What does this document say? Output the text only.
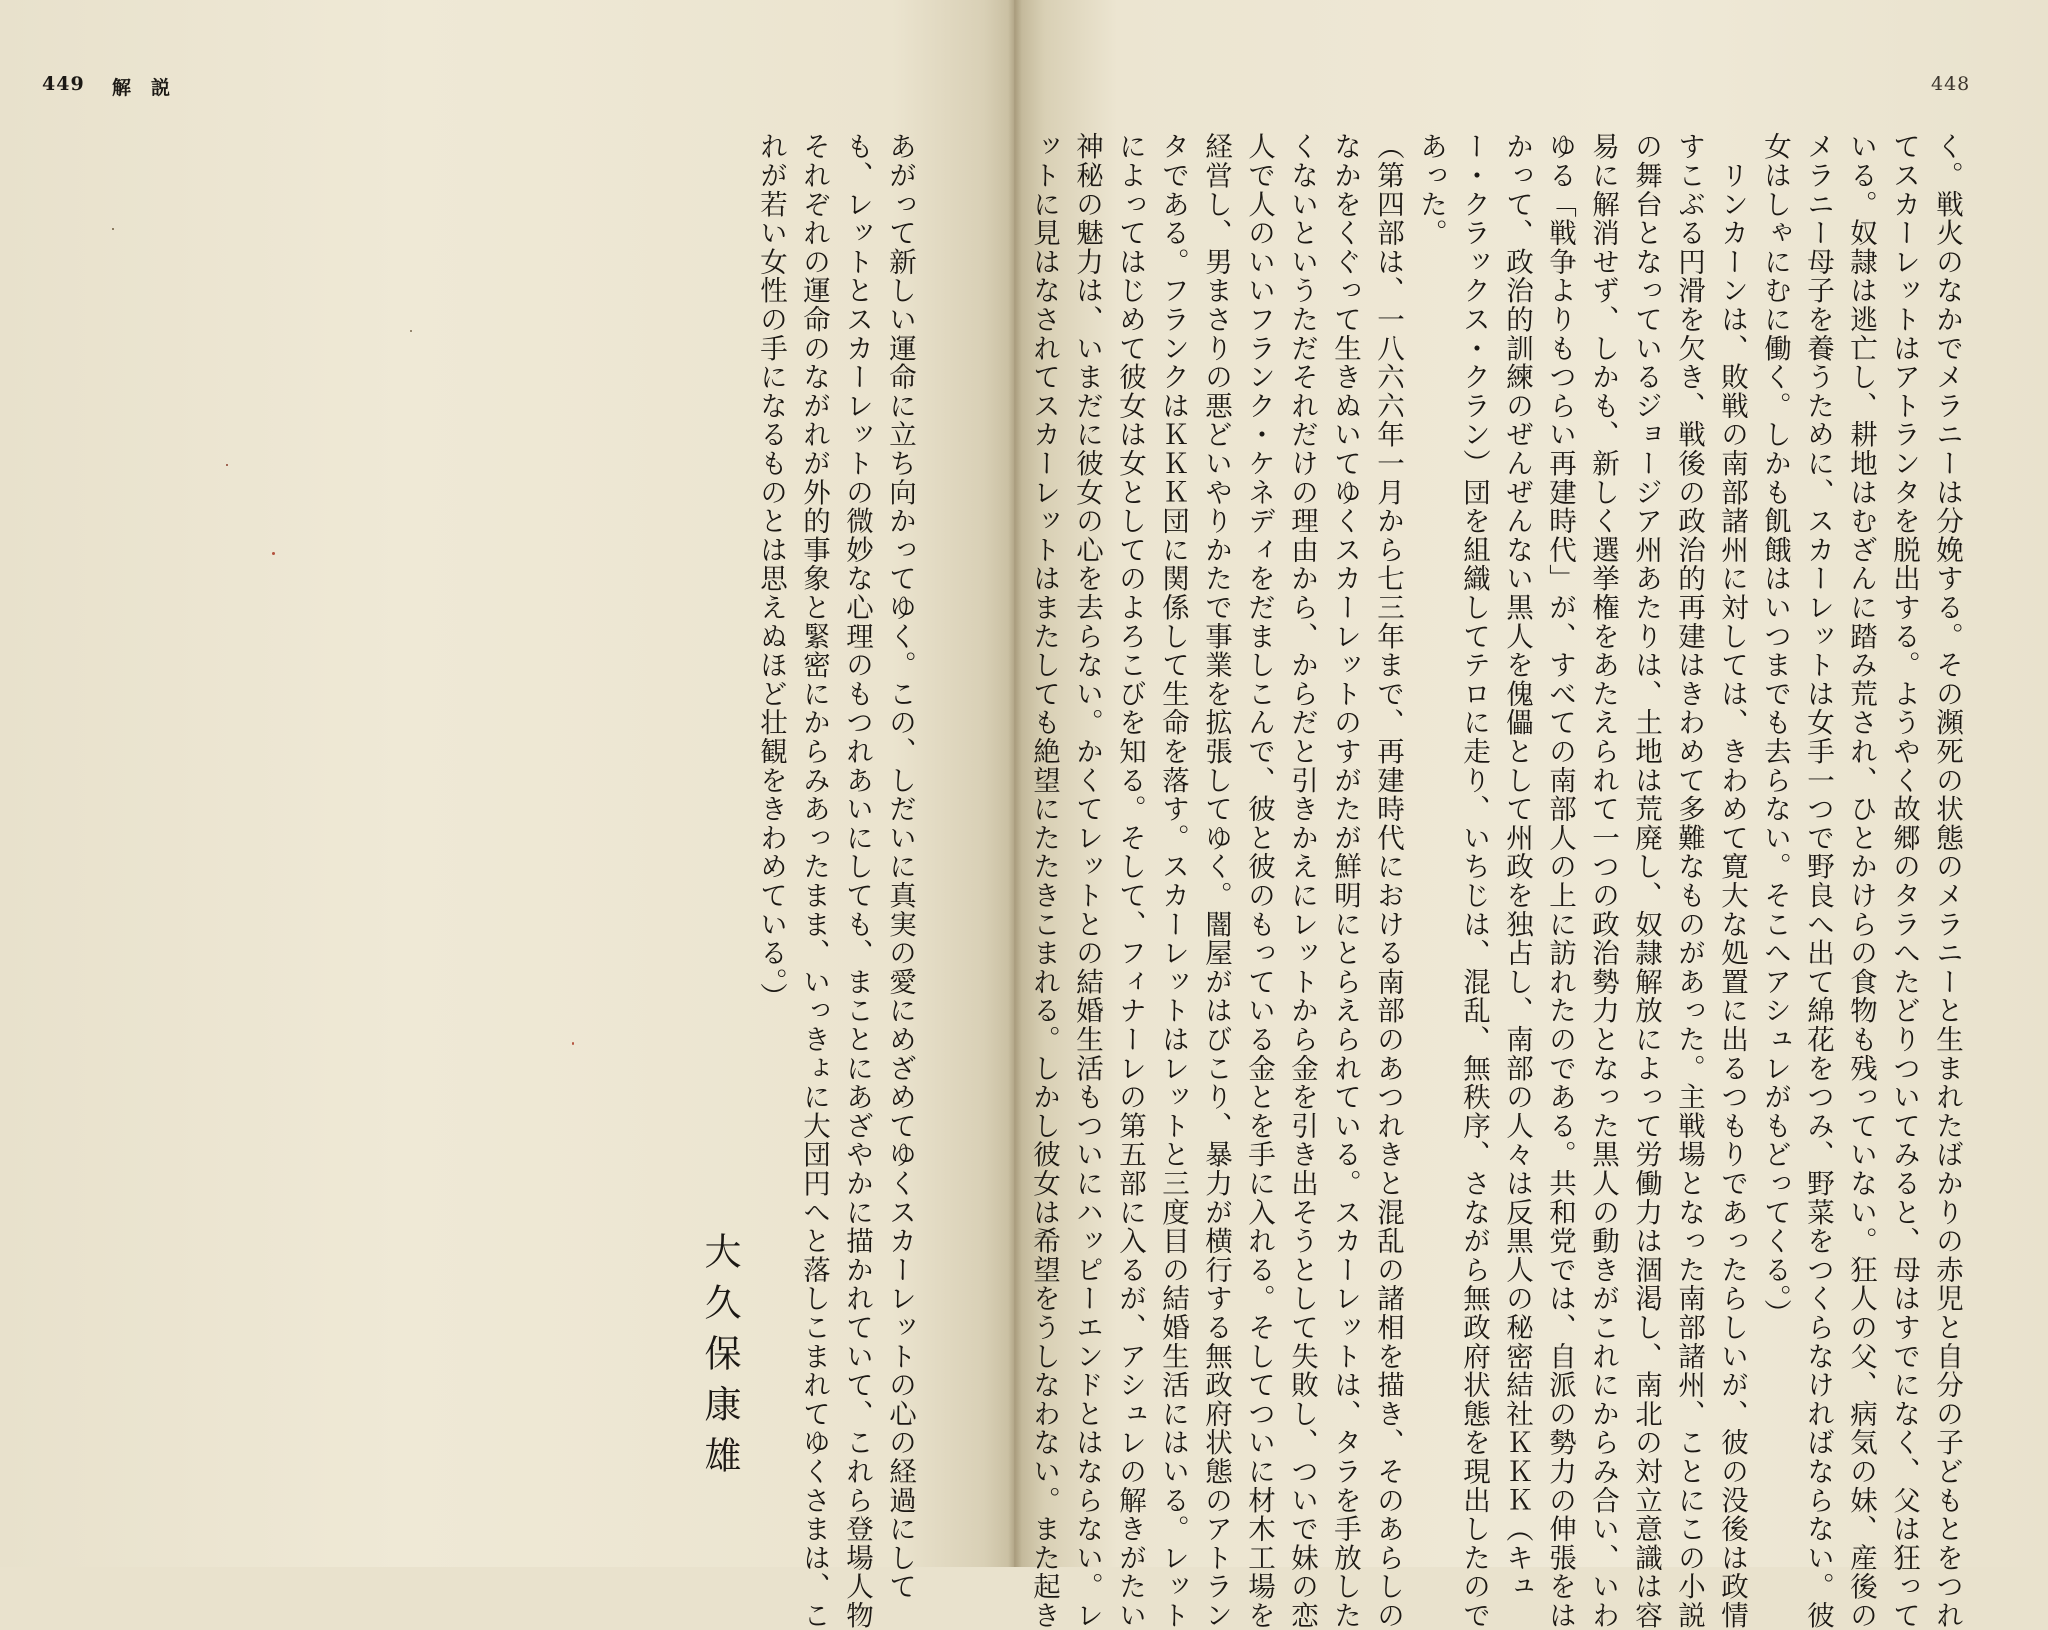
449 解説	448

く。戦火のなかでメラニーは分娩する。その瀕死の状態のメラニーと生まれたばかりの赤児と自分の子どもとをつれ

てスカーレットはアトランタを脱出する。ようやく故郷のタラへたどりついてみると、母はすでになく、父は狂って

いる。奴隷は逃亡し、耕地はむざんに踏み荒され、ひとかけらの食物も残っていない。狂人の父、病気の妹、産後の

メラニー母子を養うために、スカーレットは女手一つで野良へ出て綿花をつみ、野菜をつくらなければならない。彼

女はしゃにむに働く。しかも飢餓はいつまでも去らない。そこへアシュレがもどってくる。）

　リンカーンは、敗戦の南部諸州に対しては、きわめて寛大な処置に出るつもりであったらしいが、彼の没後は政情

すこぶる円滑を欠き、戦後の政治的再建はきわめて多難なものがあった。主戦場となった南部諸州、ことにこの小説

の舞台となっているジョージア州あたりは、土地は荒廃し、奴隷解放によって労働力は涸渇し、南北の対立意識は容

易に解消せず、しかも、新しく選挙権をあたえられて一つの政治勢力となった黒人の動きがこれにからみ合い、いわ

ゆる「戦争よりもつらい再建時代」が、すべての南部人の上に訪れたのである。共和党では、自派の勢力の伸張をは

かって、政治的訓練のぜんぜんない黒人を傀儡として州政を独占し、南部の人々は反黒人の秘密結社ＫＫＫ（キュ

ー・クラックス・クラン）団を組織してテロに走り、いちじは、混乱、無秩序、さながら無政府状態を現出したので

あった。

（第四部は、一八六六年一月から七三年まで、再建時代における南部のあつれきと混乱の諸相を描き、そのあらしの

なかをくぐって生きぬいてゆくスカーレットのすがたが鮮明にとらえられている。スカーレットは、タラを手放した

くないというただそれだけの理由から、からだと引きかえにレットから金を引き出そうとして失敗し、ついで妹の恋

人で人のいいフランク・ケネディをだましこんで、彼と彼のもっている金とを手に入れる。そしてついに材木工場を

経営し、男まさりの悪どいやりかたで事業を拡張してゆく。闇屋がはびこり、暴力が横行する無政府状態のアトラン

タである。フランクはＫＫＫ団に関係して生命を落す。スカーレットはレットと三度目の結婚生活にはいる。レット

によってはじめて彼女は女としてのよろこびを知る。そして、フィナーレの第五部に入るが、アシュレの解きがたい

神秘の魅力は、いまだに彼女の心を去らない。かくてレットとの結婚生活もついにハッピーエンドとはならない。レ

ットに見はなされてスカーレットはまたしても絶望にたたきこまれる。しかし彼女は希望をうしなわない。また起き

あがって新しい運命に立ち向かってゆく。この、しだいに真実の愛にめざめてゆくスカーレットの心の経過にして

も、レットとスカーレットの微妙な心理のもつれあいにしても、まことにあざやかに描かれていて、これら登場人物

それぞれの運命のながれが外的事象と緊密にからみあったまま、いっきょに大団円へと落しこまれてゆくさまは、こ

れが若い女性の手になるものとは思えぬほど壮観をきわめている。）

大久保康雄
